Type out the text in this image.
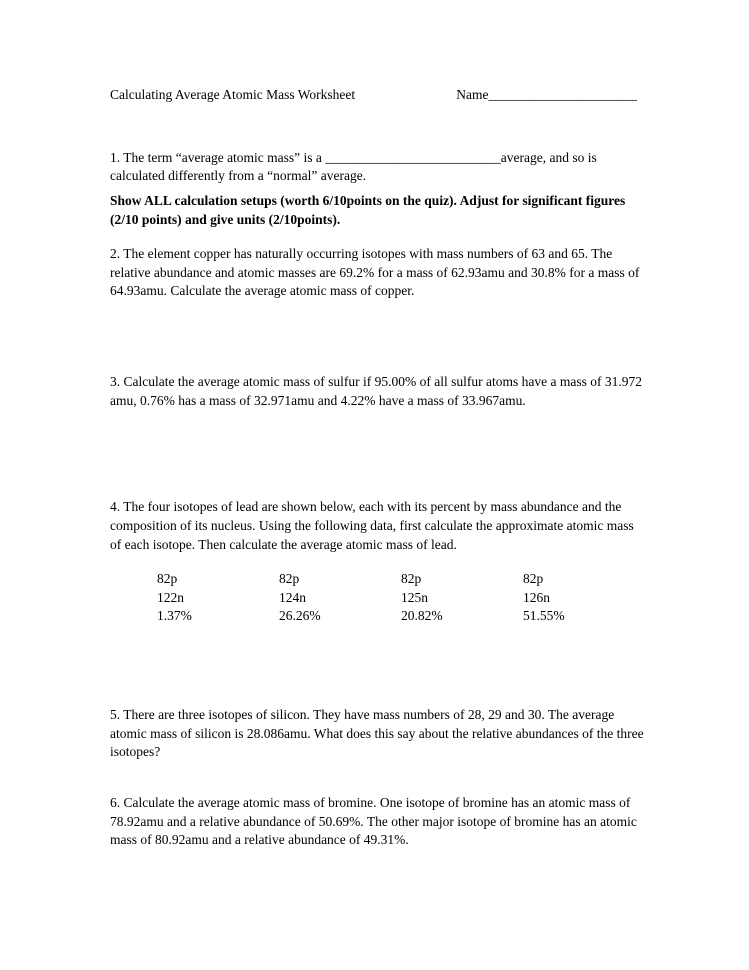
Calculating Average Atomic Mass Worksheet	Name______________________

1. The term “average atomic mass” is a __________________________average, and so is calculated differently from a “normal” average.

Show ALL calculation setups (worth 6/10points on the quiz). Adjust for significant figures (2/10 points) and give units (2/10points).

2. The element copper has naturally occurring isotopes with mass numbers of 63 and 65. The relative abundance and atomic masses are 69.2% for a mass of 62.93amu and 30.8% for a mass of 64.93amu. Calculate the average atomic mass of copper.

3. Calculate the average atomic mass of sulfur if 95.00% of all sulfur atoms have a mass of 31.972 amu, 0.76% has a mass of 32.971amu and 4.22% have a mass of 33.967amu.

4. The four isotopes of lead are shown below, each with its percent by mass abundance and the composition of its nucleus. Using the following data, first calculate the approximate atomic mass of each isotope. Then calculate the average atomic mass of lead.

82p
122n
1.37%
82p
124n
26.26%
82p
125n
20.82%
82p
126n
51.55%

5. There are three isotopes of silicon. They have mass numbers of 28, 29 and 30. The average atomic mass of silicon is 28.086amu. What does this say about the relative abundances of the three isotopes?

6. Calculate the average atomic mass of bromine. One isotope of bromine has an atomic mass of 78.92amu and a relative abundance of 50.69%. The other major isotope of bromine has an atomic mass of 80.92amu and a relative abundance of 49.31%.
